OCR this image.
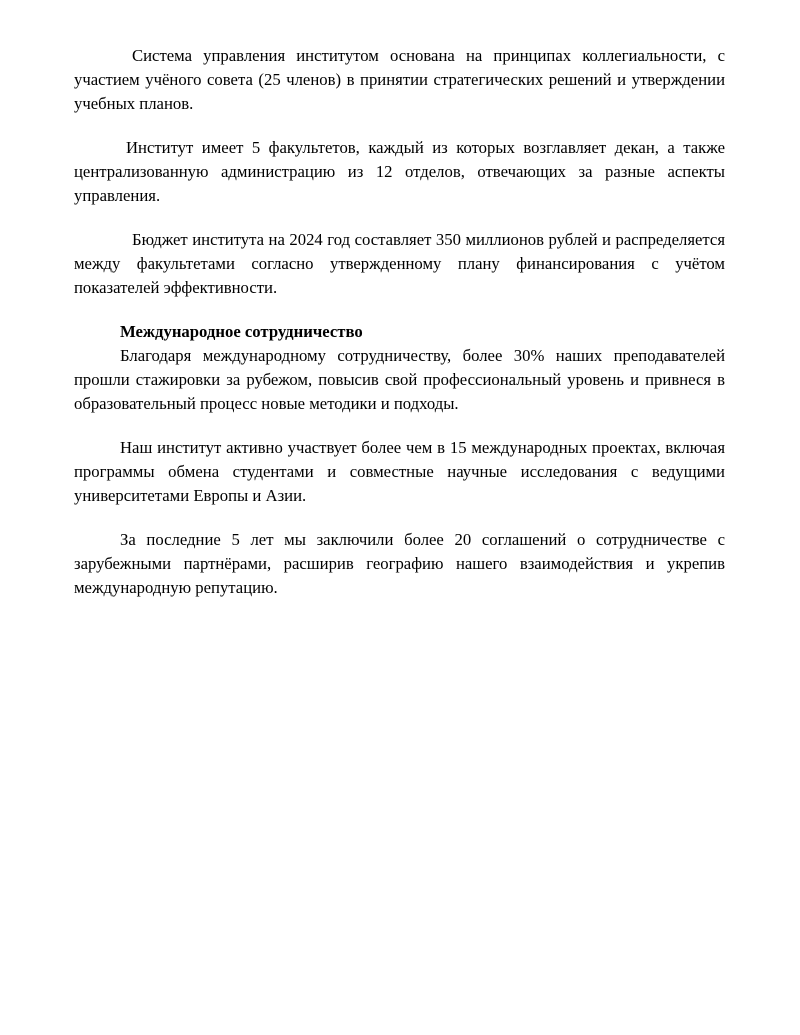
Система управления институтом основана на принципах коллегиальности, с участием учёного совета (25 членов) в принятии стратегических решений и утверждении учебных планов.

Институт имеет 5 факультетов, каждый из которых возглавляет декан, а также централизованную администрацию из 12 отделов, отвечающих за разные аспекты управления.

Бюджет института на 2024 год составляет 350 миллионов рублей и распределяется между факультетами согласно утвержденному плану финансирования с учётом показателей эффективности.

Международное сотрудничество

Благодаря международному сотрудничеству, более 30% наших преподавателей прошли стажировки за рубежом, повысив свой профессиональный уровень и привнеся в образовательный процесс новые методики и подходы.

Наш институт активно участвует более чем в 15 международных проектах, включая программы обмена студентами и совместные научные исследования с ведущими университетами Европы и Азии.

За последние 5 лет мы заключили более 20 соглашений о сотрудничестве с зарубежными партнёрами, расширив географию нашего взаимодействия и укрепив международную репутацию.
